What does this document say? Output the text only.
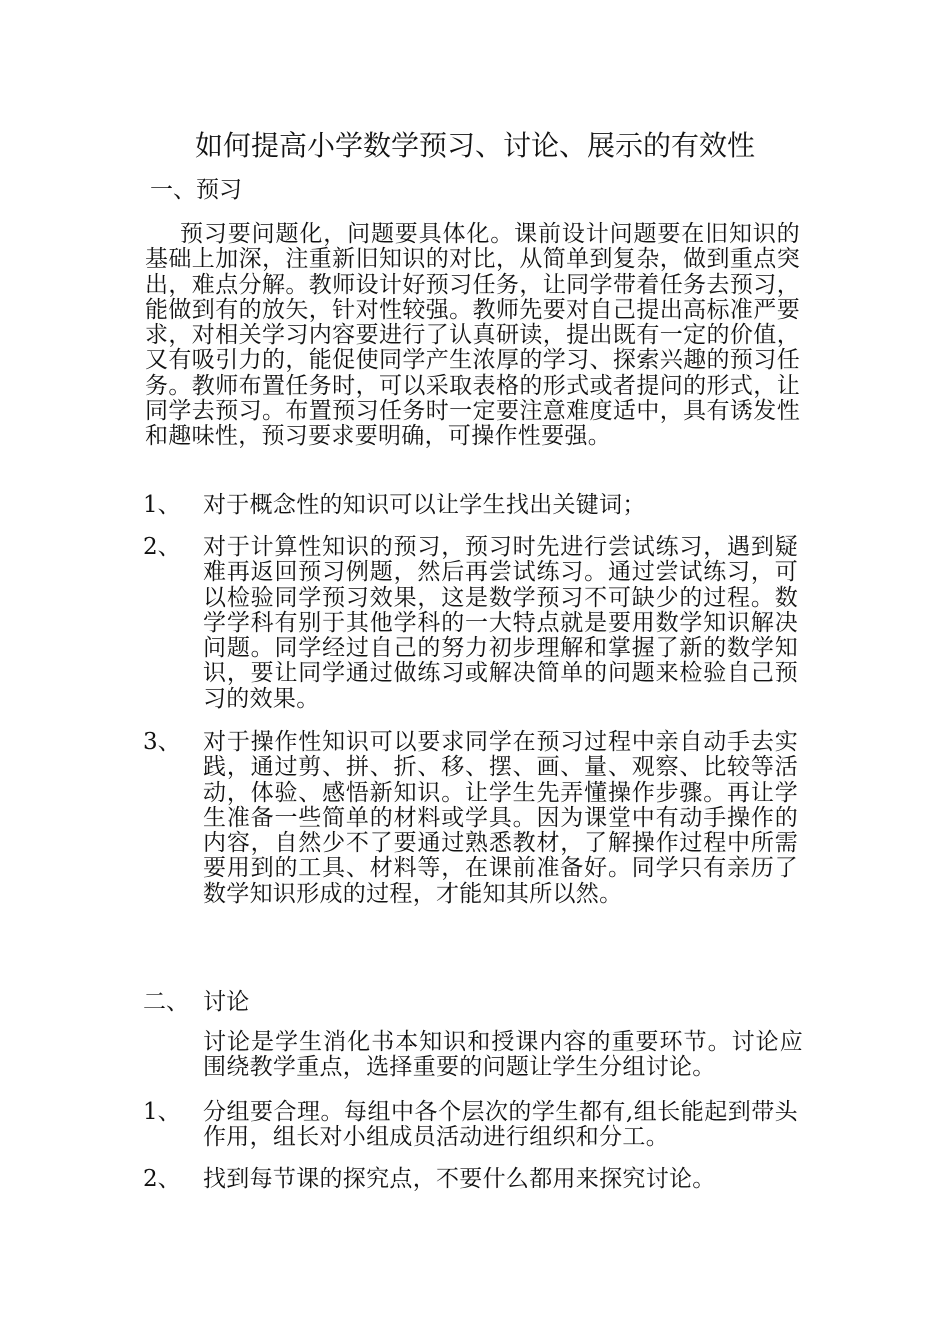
如何提高小学数学预习、讨论、展示的有效性
一、预习

预习要问题化，问题要具体化。课前设计问题要在旧知识的基础上加深，注重新旧知识的对比，从简单到复杂，做到重点突出，难点分解。教师设计好预习任务，让同学带着任务去预习，能做到有的放矢，针对性较强。教师先要对自己提出高标准严要求，对相关学习内容要进行了认真研读，提出既有一定的价值，又有吸引力的，能促使同学产生浓厚的学习、探索兴趣的预习任务。教师布置任务时，可以采取表格的形式或者提问的形式，让同学去预习。布置预习任务时一定要注意难度适中，具有诱发性和趣味性，预习要求要明确，可操作性要强。

1、 对于概念性的知识可以让学生找出关键词；

2、 对于计算性知识的预习，预习时先进行尝试练习，遇到疑难再返回预习例题，然后再尝试练习。通过尝试练习，可以检验同学预习效果，这是数学预习不可缺少的过程。数学学科有别于其他学科的一大特点就是要用数学知识解决问题。同学经过自己的努力初步理解和掌握了新的数学知识，要让同学通过做练习或解决简单的问题来检验自己预习的效果。

3、 对于操作性知识可以要求同学在预习过程中亲自动手去实践，通过剪、拼、折、移、摆、画、量、观察、比较等活动，体验、感悟新知识。让学生先弄懂操作步骤。再让学生准备一些简单的材料或学具。因为课堂中有动手操作的内容，自然少不了要通过熟悉教材，了解操作过程中所需要用到的工具、材料等，在课前准备好。同学只有亲历了数学知识形成的过程，才能知其所以然。

二、 讨论

讨论是学生消化书本知识和授课内容的重要环节。讨论应围绕教学重点，选择重要的问题让学生分组讨论。

1、 分组要合理。每组中各个层次的学生都有,组长能起到带头作用，组长对小组成员活动进行组织和分工。

2、 找到每节课的探究点，不要什么都用来探究讨论。
